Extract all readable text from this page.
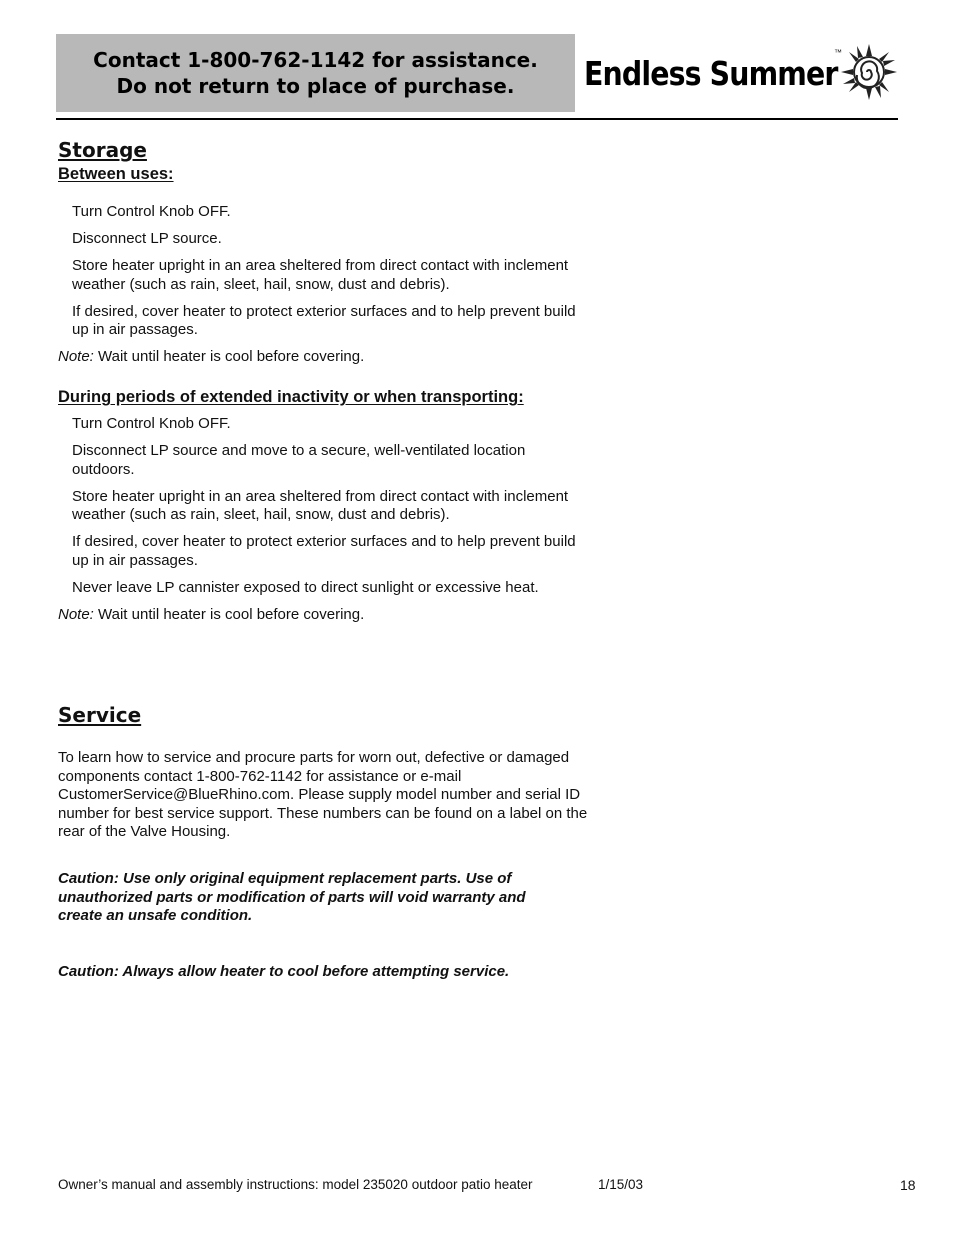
Contact 1-800-762-1142 for assistance.
Do not return to place of purchase. Endless Summer
™
Storage
Between uses:

Turn Control Knob OFF.

Disconnect LP source.

Store heater upright in an area sheltered from direct contact with inclement weather (such as rain, sleet, hail, snow, dust and debris).

If desired, cover heater to protect exterior surfaces and to help prevent build up in air passages.

Note: Wait until heater is cool before covering.

During periods of extended inactivity or when transporting:

Turn Control Knob OFF.

Disconnect LP source and move to a secure, well-ventilated location outdoors.

Store heater upright in an area sheltered from direct contact with inclement weather (such as rain, sleet, hail, snow, dust and debris).

If desired, cover heater to protect exterior surfaces and to help prevent build up in air passages.

Never leave LP cannister exposed to direct sunlight or excessive heat.

Note: Wait until heater is cool before covering.

Service

To learn how to service and procure parts for worn out, defective or damaged components contact 1-800-762-1142 for assistance or e-mail CustomerService@BlueRhino.com. Please supply model number and serial ID number for best service support. These numbers can be found on a label on the rear of the Valve Housing.

Caution: Use only original equipment replacement parts. Use of unauthorized parts or modification of parts will void warranty and create an unsafe condition.

Caution: Always allow heater to cool before attempting service.

Owner’s manual and assembly instructions: model 235020 outdoor patio heater	1/15/03	18
